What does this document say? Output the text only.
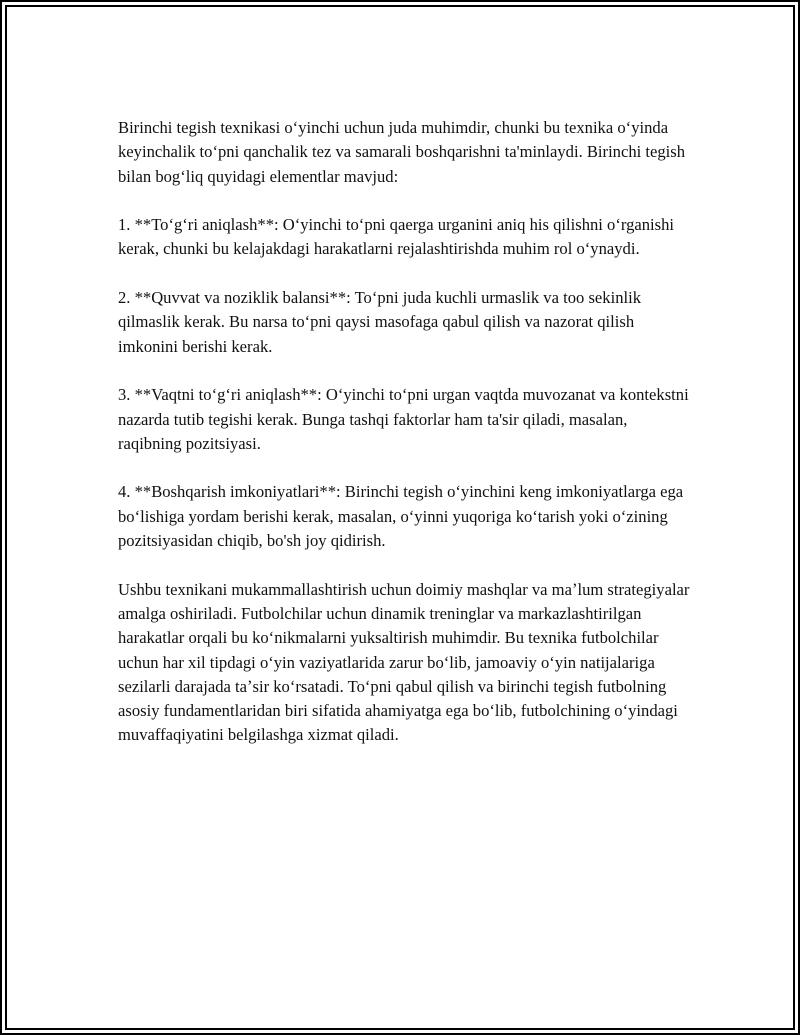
Birinchi tegish texnikasi oʻyinchi uchun juda muhimdir, chunki bu texnika oʻyinda keyinchalik toʻpni qanchalik tez va samarali boshqarishni ta'minlaydi. Birinchi tegish bilan bogʻliq quyidagi elementlar mavjud:

1. **Toʻgʻri aniqlash**: Oʻyinchi toʻpni qaerga urganini aniq his qilishni oʻrganishi kerak, chunki bu kelajakdagi harakatlarni rejalashtirishda muhim rol oʻynaydi.

2. **Quvvat va noziklik balansi**: Toʻpni juda kuchli urmaslik va too sekinlik qilmaslik kerak. Bu narsa toʻpni qaysi masofaga qabul qilish va nazorat qilish imkonini berishi kerak.

3. **Vaqtni toʻgʻri aniqlash**: Oʻyinchi toʻpni urgan vaqtda muvozanat va kontekstni nazarda tutib tegishi kerak. Bunga tashqi faktorlar ham ta'sir qiladi, masalan, raqibning pozitsiyasi.

4. **Boshqarish imkoniyatlari**: Birinchi tegish oʻyinchini keng imkoniyatlarga ega boʻlishiga yordam berishi kerak, masalan, oʻyinni yuqoriga koʻtarish yoki oʻzining pozitsiyasidan chiqib, bo'sh joy qidirish.

Ushbu texnikani mukammallashtirish uchun doimiy mashqlar va maʼlum strategiyalar amalga oshiriladi. Futbolchilar uchun dinamik treninglar va markazlashtirilgan harakatlar orqali bu koʻnikmalarni yuksaltirish muhimdir. Bu texnika futbolchilar uchun har xil tipdagi oʻyin vaziyatlarida zarur boʻlib, jamoaviy oʻyin natijalariga sezilarli darajada taʼsir koʻrsatadi. Toʻpni qabul qilish va birinchi tegish futbolning asosiy fundamentlaridan biri sifatida ahamiyatga ega boʻlib, futbolchining oʻyindagi muvaffaqiyatini belgilashga xizmat qiladi.
